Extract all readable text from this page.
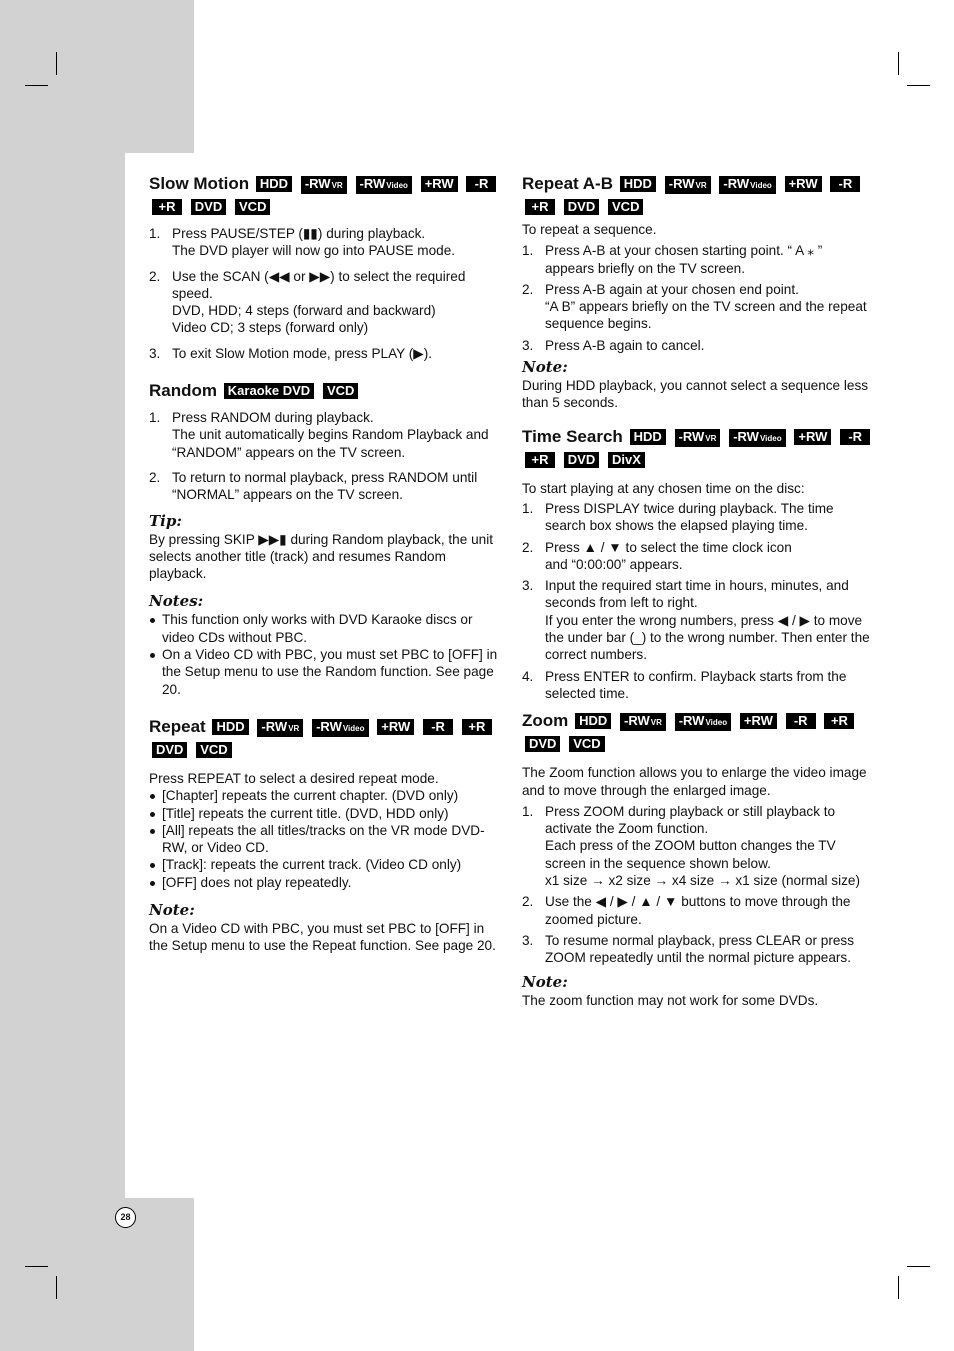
28
Slow Motion HDD -RWVR -RWVideo +RW -R +R DVD VCD
1. Press PAUSE/STEP (▮▮) during playback.
The DVD player will now go into PAUSE mode.
2. Use the SCAN (◀◀ or ▶▶) to select the required speed.
DVD, HDD; 4 steps (forward and backward)
Video CD; 3 steps (forward only)
3. To exit Slow Motion mode, press PLAY (▶).
Random Karaoke DVD VCD
1. Press RANDOM during playback.
The unit automatically begins Random Playback and “RANDOM” appears on the TV screen.
2. To return to normal playback, press RANDOM until “NORMAL” appears on the TV screen.
Tip:

By pressing SKIP ▶▶▮ during Random playback, the unit selects another title (track) and resumes Random playback.

Notes:
This function only works with DVD Karaoke discs or video CDs without PBC.
On a Video CD with PBC, you must set PBC to [OFF] in the Setup menu to use the Random function. See page 20.
Repeat HDD -RWVR -RWVideo +RW -R +R DVD VCD

Press REPEAT to select a desired repeat mode.

[Chapter] repeats the current chapter. (DVD only)
[Title] repeats the current title. (DVD, HDD only)
[All] repeats the all titles/tracks on the VR mode DVD-RW, or Video CD.
[Track]: repeats the current track. (Video CD only)
[OFF] does not play repeatedly.
Note:

On a Video CD with PBC, you must set PBC to [OFF] in the Setup menu to use the Repeat function. See page 20.

Repeat A-B HDD -RWVR -RWVideo +RW -R +R DVD VCD

To repeat a sequence.

1. Press A-B at your chosen starting point. “ A ⁎ ” appears briefly on the TV screen.
2. Press A-B again at your chosen end point.
“A B” appears briefly on the TV screen and the repeat sequence begins.
3. Press A-B again to cancel.
Note:

During HDD playback, you cannot select a sequence less than 5 seconds.

Time Search HDD -RWVR -RWVideo +RW -R +R DVD DivX

To start playing at any chosen time on the disc:

1. Press DISPLAY twice during playback. The time search box shows the elapsed playing time.
2. Press ▲ / ▼ to select the time clock icon
and “0:00:00” appears.
3. Input the required start time in hours, minutes, and seconds from left to right.
If you enter the wrong numbers, press ◀ / ▶ to move the under bar (_) to the wrong number. Then enter the correct numbers.
4. Press ENTER to confirm. Playback starts from the selected time.
Zoom HDD -RWVR -RWVideo +RW -R +R DVD VCD

The Zoom function allows you to enlarge the video image and to move through the enlarged image.

1. Press ZOOM during playback or still playback to activate the Zoom function.
Each press of the ZOOM button changes the TV screen in the sequence shown below.
x1 size → x2 size → x4 size → x1 size (normal size)
2. Use the ◀ / ▶ / ▲ / ▼ buttons to move through the zoomed picture.
3. To resume normal playback, press CLEAR or press ZOOM repeatedly until the normal picture appears.
Note:

The zoom function may not work for some DVDs.
